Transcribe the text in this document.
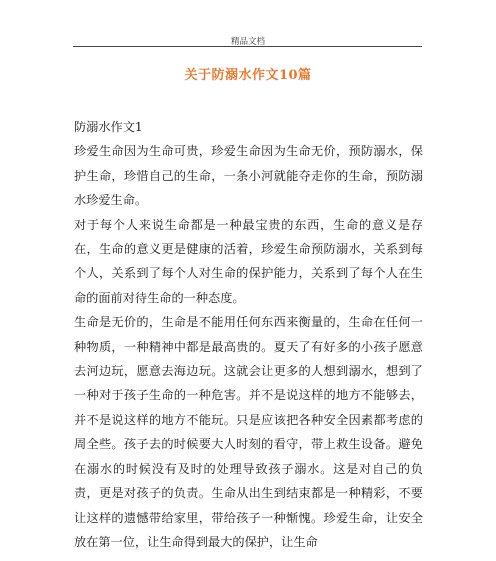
精品文档
关于防溺水作文10篇

防溺水作文1

珍爱生命因为生命可贵，珍爱生命因为生命无价，预防溺水，保护生命，珍惜自己的生命，一条小河就能夺走你的生命，预防溺水珍爱生命。

对于每个人来说生命都是一种最宝贵的东西，生命的意义是存在，生命的意义更是健康的活着，珍爱生命预防溺水，关系到每个人，关系到了每个人对生命的保护能力，关系到了每个人在生命的面前对待生命的一种态度。

生命是无价的，生命是不能用任何东西来衡量的，生命在任何一种物质，一种精神中都是最高贵的。夏天了有好多的小孩子愿意去河边玩，愿意去海边玩。这就会让更多的人想到溺水，想到了一种对于孩子生命的一种危害。并不是说这样的地方不能够去，并不是说这样的地方不能玩。只是应该把各种安全因素都考虑的周全些。孩子去的时候要大人时刻的看守，带上救生设备。避免在溺水的时候没有及时的处理导致孩子溺水。这是对自己的负责，更是对孩子的负责。生命从出生到结束都是一种精彩，不要让这样的遗憾带给家里，带给孩子一种惭愧。珍爱生命，让安全放在第一位，让生命得到最大的保护，让生命
